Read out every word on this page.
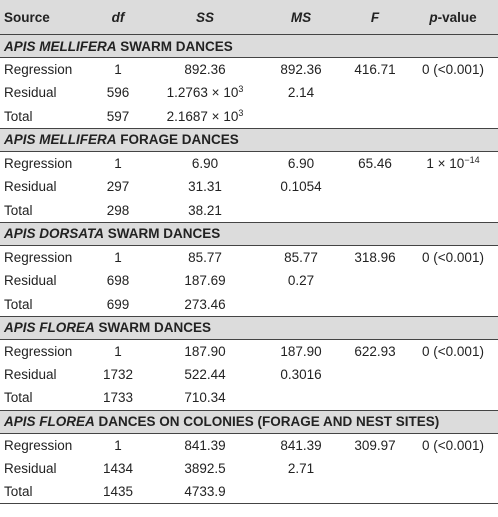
Source	df	SS	MS	F	p-value
APIS MELLIFERA SWARM DANCES					
Regression	1	892.36	892.36	416.71	0 (<0.001)
Residual	596	$1.2763 \times 10^3$	2.14		
Total	597	$2.1687 \times 10^3$			
APIS MELLIFERA FORAGE DANCES					
Regression	1	6.90	6.90	65.46	$1 \times 10^{-14}$
Residual	297	31.31	0.1054		
Total	298	38.21			
APIS DORSATA SWARM DANCES					
Regression	1	85.77	85.77	318.96	0 (<0.001)
Residual	698	187.69	0.27		
Total	699	273.46			
APIS FLOREA SWARM DANCES					
Regression	1	187.90	187.90	622.93	0 (<0.001)
Residual	1732	522.44	0.3016		
Total	1733	710.34			
APIS FLOREA DANCES ON COLONIES (FORAGE AND NEST SITES)					
Regression	1	841.39	841.39	309.97	0 (<0.001)
Residual	1434	3892.5	2.71		
Total	1435	4733.9			
